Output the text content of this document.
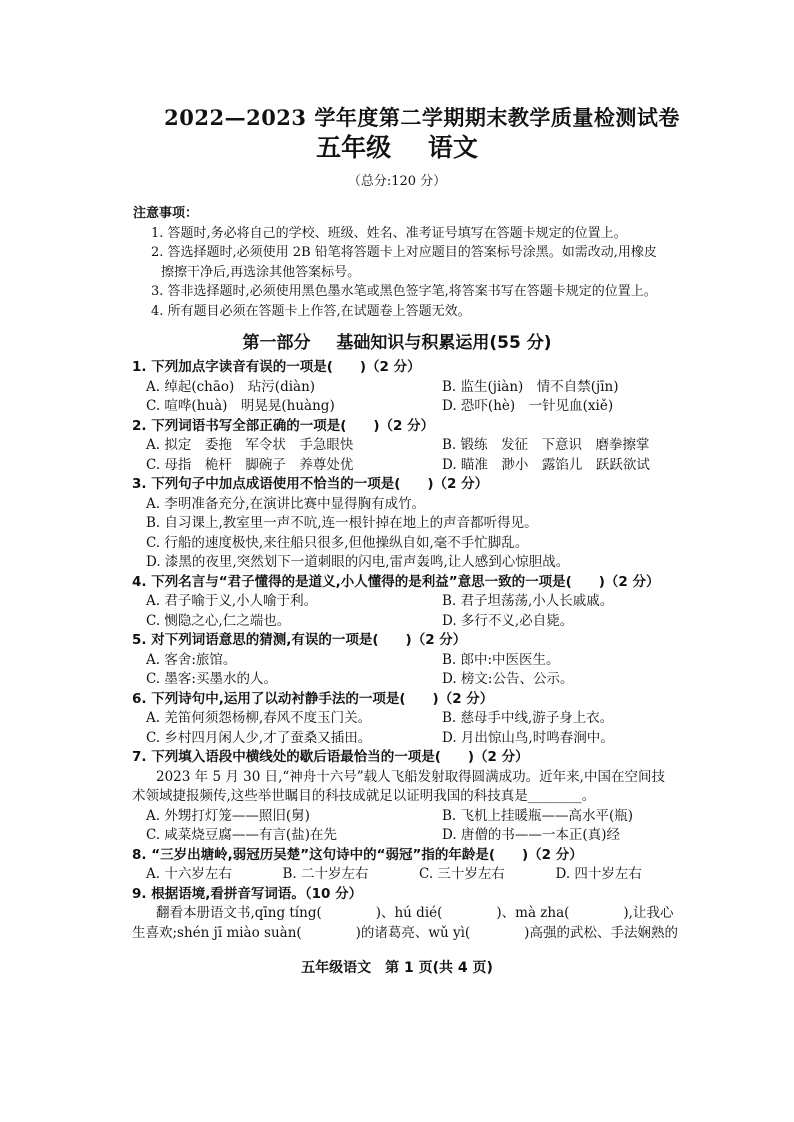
2022—2023 学年度第二学期期末教学质量检测试卷
五年级 语文
（总分:120 分）
注意事项：
1. 答题时,务必将自己的学校、班级、姓名、准考证号填写在答题卡规定的位置上。
2. 答选择题时,必须使用 2B 铅笔将答题卡上对应题目的答案标号涂黑。如需改动,用橡皮
擦擦干净后,再选涂其他答案标号。
3. 答非选择题时,必须使用黑色墨水笔或黑色签字笔,将答案书写在答题卡规定的位置上。
4. 所有题目必须在答题卡上作答,在试题卷上答题无效。
第一部分 基础知识与积累运用(55 分)
1. 下列加点字读音有误的一项是(　　)（2 分）
A. 绰起(chāo)　玷污(diàn)	B. 监生(jiàn)　情不自禁(jīn)
C. 喧哗(huà)　明晃晃(huàng)	D. 恐吓(hè)　一针见血(xiě)
2. 下列词语书写全部正确的一项是(　　)（2 分）
A. 拟定　委拖　军令状　手急眼快	B. 锻练　发征　下意识　磨拳擦掌
C. 母指　桅杆　脚碗子　养尊处优	D. 瞄准　渺小　露馅儿　跃跃欲试
3. 下列句子中加点成语使用不恰当的一项是(　　)（2 分）
A. 李明准备充分,在演讲比赛中显得胸有成竹。
B. 自习课上,教室里一声不吭,连一根针掉在地上的声音都听得见。
C. 行船的速度极快,来往船只很多,但他操纵自如,毫不手忙脚乱。
D. 漆黑的夜里,突然划下一道刺眼的闪电,雷声轰鸣,让人感到心惊胆战。
4. 下列名言与“君子懂得的是道义,小人懂得的是利益”意思一致的一项是(　　)（2 分）
A. 君子喻于义,小人喻于利。	B. 君子坦荡荡,小人长戚戚。
C. 恻隐之心,仁之端也。	D. 多行不义,必自毙。
5. 对下列词语意思的猜测,有误的一项是(　　)（2 分）
A. 客舍:旅馆。	B. 郎中:中医医生。
C. 墨客:买墨水的人。	D. 榜文:公告、公示。
6. 下列诗句中,运用了以动衬静手法的一项是(　　)（2 分）
A. 羌笛何须怨杨柳,春风不度玉门关。	B. 慈母手中线,游子身上衣。
C. 乡村四月闲人少,才了蚕桑又插田。	D. 月出惊山鸟,时鸣春涧中。
7. 下列填入语段中横线处的歇后语最恰当的一项是(　　)（2 分）
2023 年 5 月 30 日,“神舟十六号”载人飞船发射取得圆满成功。近年来,中国在空间技
术领域捷报频传,这些举世瞩目的科技成就足以证明我国的科技真是________。
A. 外甥打灯笼——照旧(舅)	B. 飞机上挂暖瓶——高水平(瓶)
C. 咸菜烧豆腐——有言(盐)在先	D. 唐僧的书——一本正(真)经
8. “三岁出塘岭,弱冠历吴楚”这句诗中的“弱冠”指的年龄是(　　)（2 分）
A. 十六岁左右	B. 二十岁左右	C. 三十岁左右	D. 四十岁左右
9. 根据语境,看拼音写词语。（10 分）
翻看本册语文书,qīng tíng(　　　　)、hú dié(　　　　)、mà zha(　　　　),让我心
生喜欢;shén jī miào suàn(　　　　)的诸葛亮、wǔ yì(　　　　)高强的武松、手法娴熟的
五年级语文　第 1 页(共 4 页)
